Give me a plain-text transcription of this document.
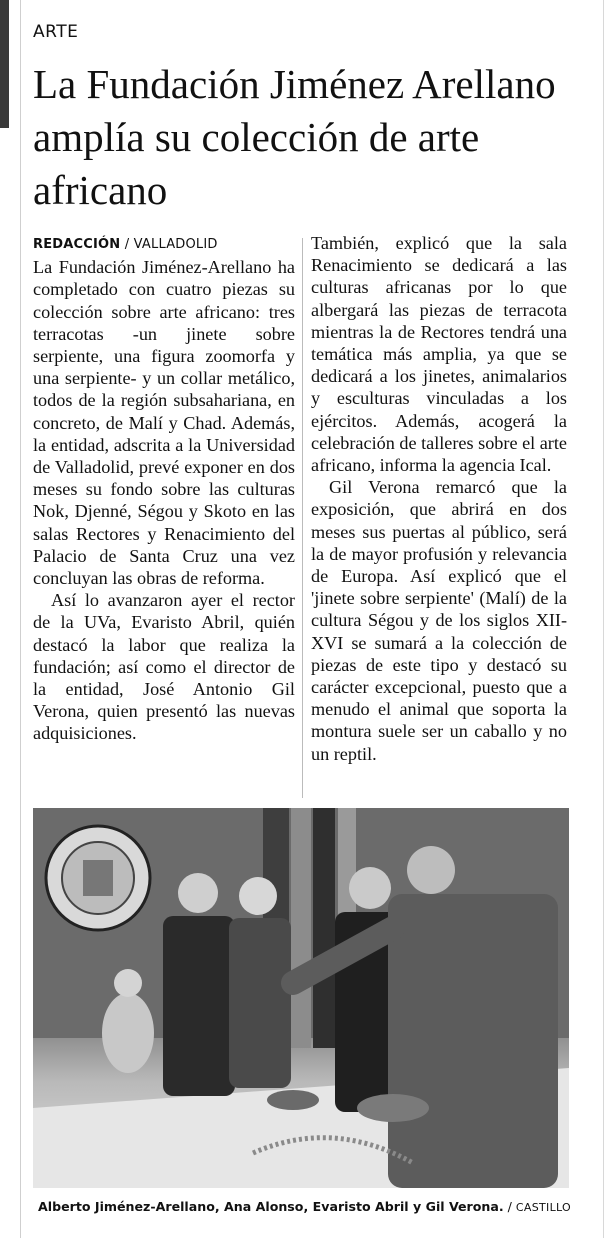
ARTE
La Fundación Jiménez Arellano amplía su colección de arte africano

REDACCIÓN / VALLADOLID
La Fundación Jiménez-Arellano ha completado con cuatro piezas su colección sobre arte africano: tres terracotas -un jinete sobre serpiente, una figura zoomorfa y una serpiente- y un collar metálico, todos de la región subsahariana, en concreto, de Malí y Chad. Además, la entidad, adscrita a la Universidad de Valladolid, prevé exponer en dos meses su fondo sobre las culturas Nok, Djenné, Ségou y Skoto en las salas Rectores y Renacimiento del Palacio de Santa Cruz una vez concluyan las obras de reforma.

Así lo avanzaron ayer el rector de la UVa, Evaristo Abril, quién destacó la labor que realiza la fundación; así como el director de la entidad, José Antonio Gil Verona, quien presentó las nuevas adquisiciones.

También, explicó que la sala Renacimiento se dedicará a las culturas africanas por lo que albergará las piezas de terracota mientras la de Rectores tendrá una temática más amplia, ya que se dedicará a los jinetes, animalarios y esculturas vinculadas a los ejércitos. Además, acogerá la celebración de talleres sobre el arte africano, informa la agencia Ical.

Gil Verona remarcó que la exposición, que abrirá en dos meses sus puertas al público, será la de mayor profusión y relevancia de Europa. Así explicó que el 'jinete sobre serpiente' (Malí) de la cultura Ségou y de los siglos XII-XVI se sumará a la colección de piezas de este tipo y destacó su carácter excepcional, puesto que a menudo el animal que soporta la montura suele ser un caballo y no un reptil.

Alberto Jiménez-Arellano, Ana Alonso, Evaristo Abril y Gil Verona. / CASTILLO
